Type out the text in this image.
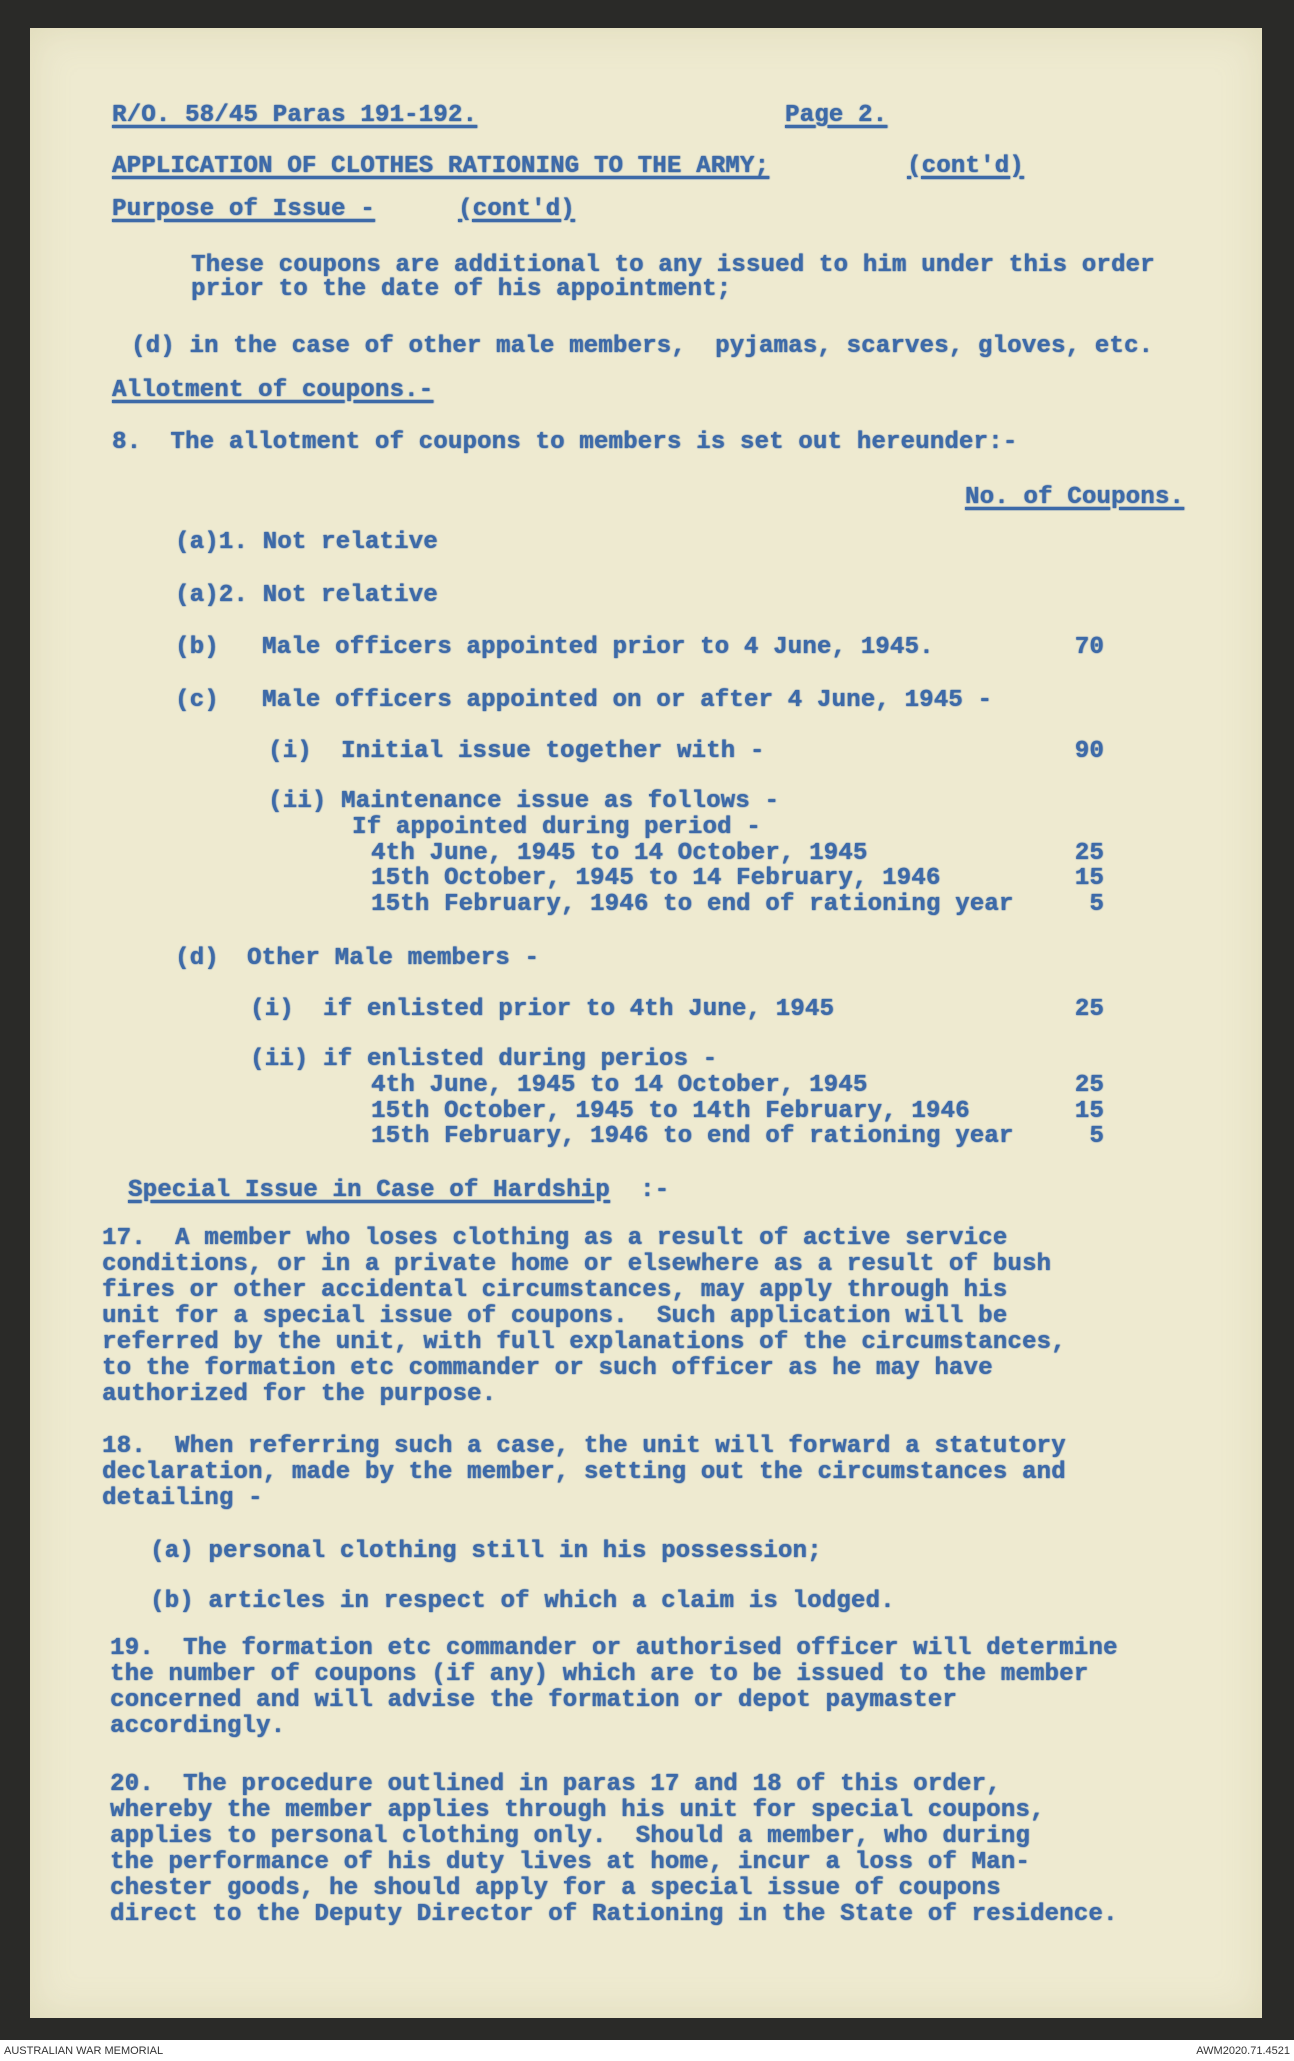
R/O. 58/45 Paras 191-192.	Page 2.
APPLICATION OF CLOTHES RATIONING TO THE ARMY;	(cont'd)
Purpose of Issue -	(cont'd)
These coupons are additional to any issued to him under this order
prior to the date of his appointment;
(d) in the case of other male members,  pyjamas, scarves, gloves, etc.
Allotment of coupons.-
8.  The allotment of coupons to members is set out hereunder:-
No. of Coupons.
(a)1. Not relative
(a)2. Not relative
(b) Male officers appointed prior to 4 June, 1945.	70
(c) Male officers appointed on or after 4 June, 1945 -
(i)  Initial issue together with -	90
(ii) Maintenance issue as follows -
If appointed during period -
4th June, 1945 to 14 October, 1945	25
15th October, 1945 to 14 February, 1946	15
15th February, 1946 to end of rationing year	5
(d) Other Male members -
(i)  if enlisted prior to 4th June, 1945	25
(ii) if enlisted during perios -
4th June, 1945 to 14 October, 1945	25
15th October, 1945 to 14th February, 1946	15
15th February, 1946 to end of rationing year	5
Special Issue in Case of Hardship :-
17.  A member who loses clothing as a result of active service
conditions, or in a private home or elsewhere as a result of bush
fires or other accidental circumstances, may apply through his
unit for a special issue of coupons.  Such application will be
referred by the unit, with full explanations of the circumstances,
to the formation etc commander or such officer as he may have
authorized for the purpose.
18.  When referring such a case, the unit will forward a statutory
declaration, made by the member, setting out the circumstances and
detailing -
(a) personal clothing still in his possession;
(b) articles in respect of which a claim is lodged.
19.  The formation etc commander or authorised officer will determine
the number of coupons (if any) which are to be issued to the member
concerned and will advise the formation or depot paymaster
accordingly.
20.  The procedure outlined in paras 17 and 18 of this order,
whereby the member applies through his unit for special coupons,
applies to personal clothing only.  Should a member, who during
the performance of his duty lives at home, incur a loss of Man-
chester goods, he should apply for a special issue of coupons
direct to the Deputy Director of Rationing in the State of residence.
AUSTRALIAN WAR MEMORIAL	AWM2020.71.4521
